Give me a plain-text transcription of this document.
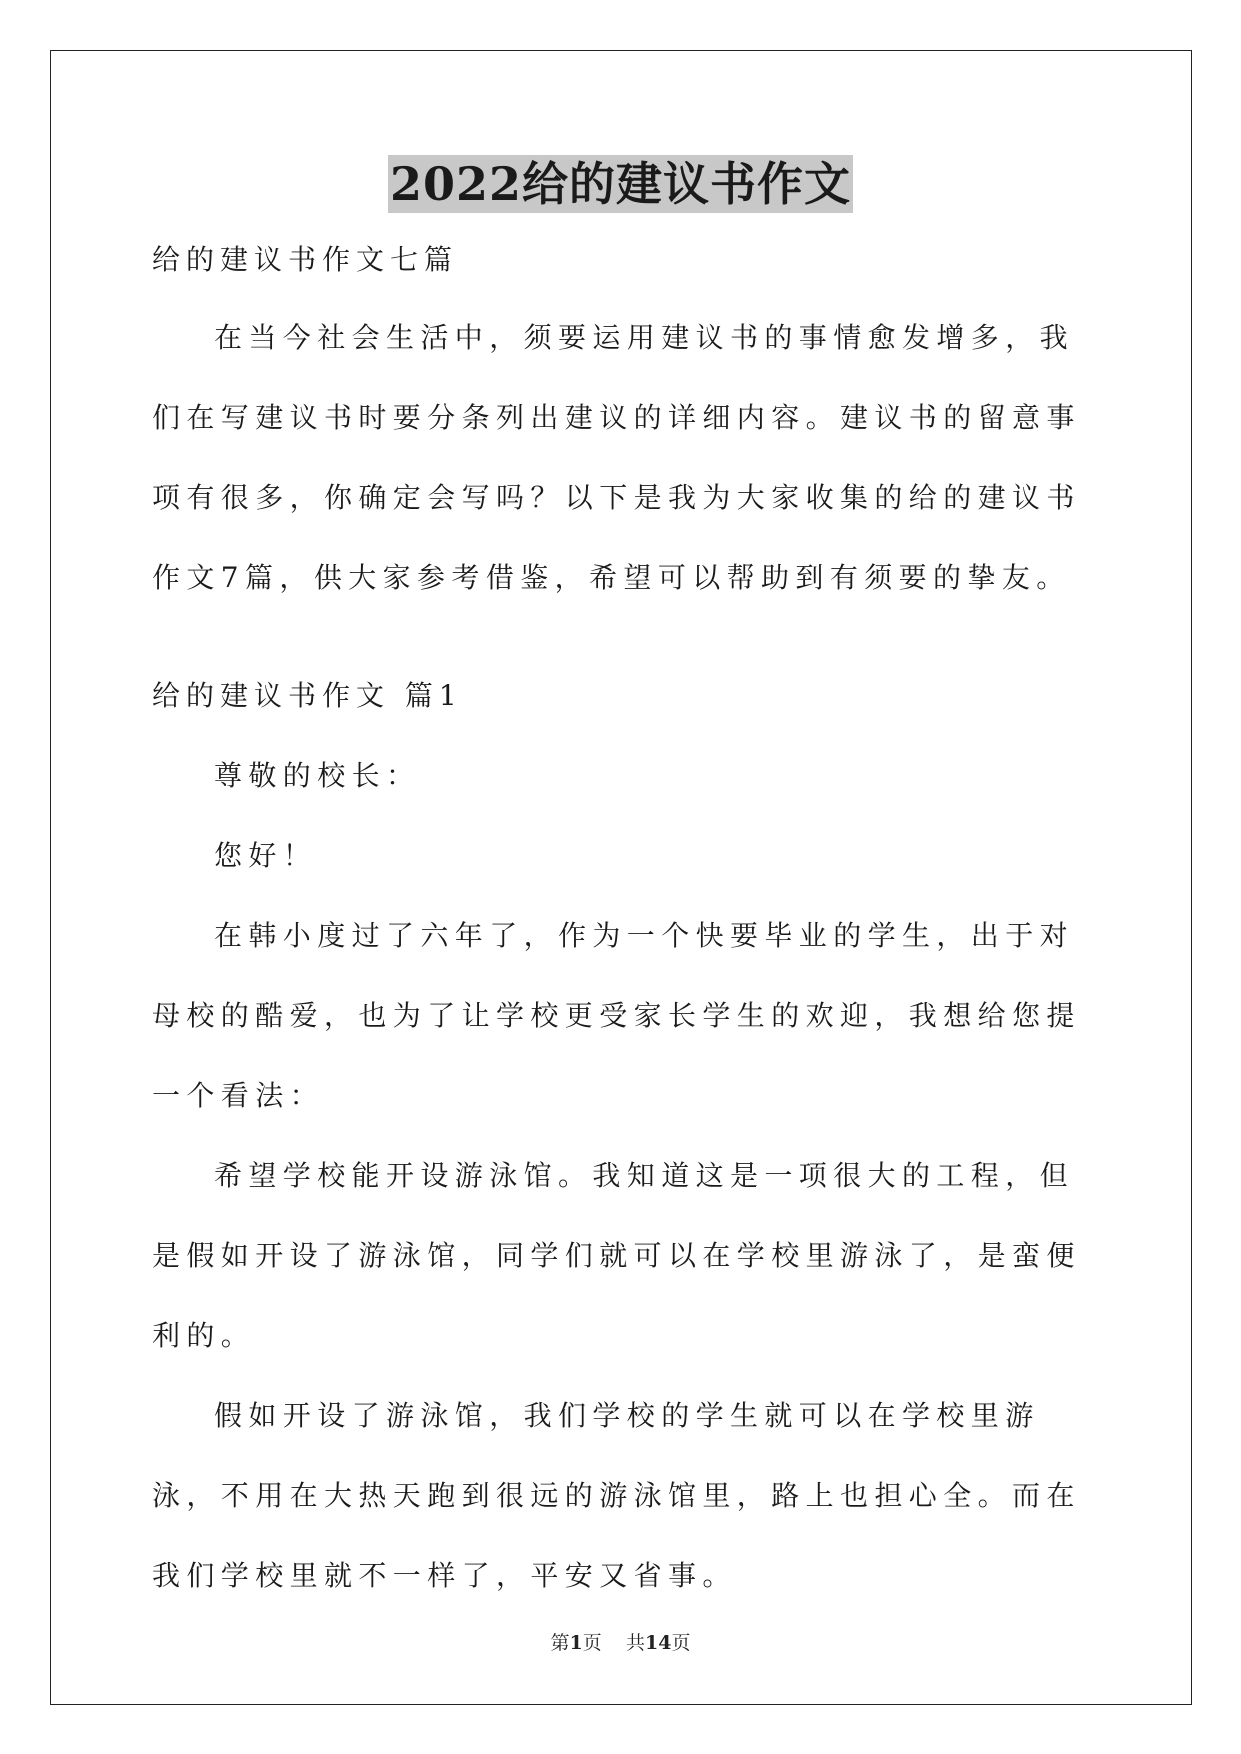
2022给的建议书作文
给的建议书作文七篇

在当今社会生活中，须要运用建议书的事情愈发增多，我们在写建议书时要分条列出建议的详细内容。建议书的留意事项有很多，你确定会写吗？以下是我为大家收集的给的建议书作文7篇，供大家参考借鉴，希望可以帮助到有须要的挚友。

给的建议书作文 篇1

尊敬的校长：

您好！

在韩小度过了六年了，作为一个快要毕业的学生，出于对母校的酷爱，也为了让学校更受家长学生的欢迎，我想给您提一个看法：

希望学校能开设游泳馆。我知道这是一项很大的工程，但是假如开设了游泳馆，同学们就可以在学校里游泳了，是蛮便利的。

假如开设了游泳馆，我们学校的学生就可以在学校里游泳，不用在大热天跑到很远的游泳馆里，路上也担心全。而在我们学校里就不一样了，平安又省事。

第1页 共14页
